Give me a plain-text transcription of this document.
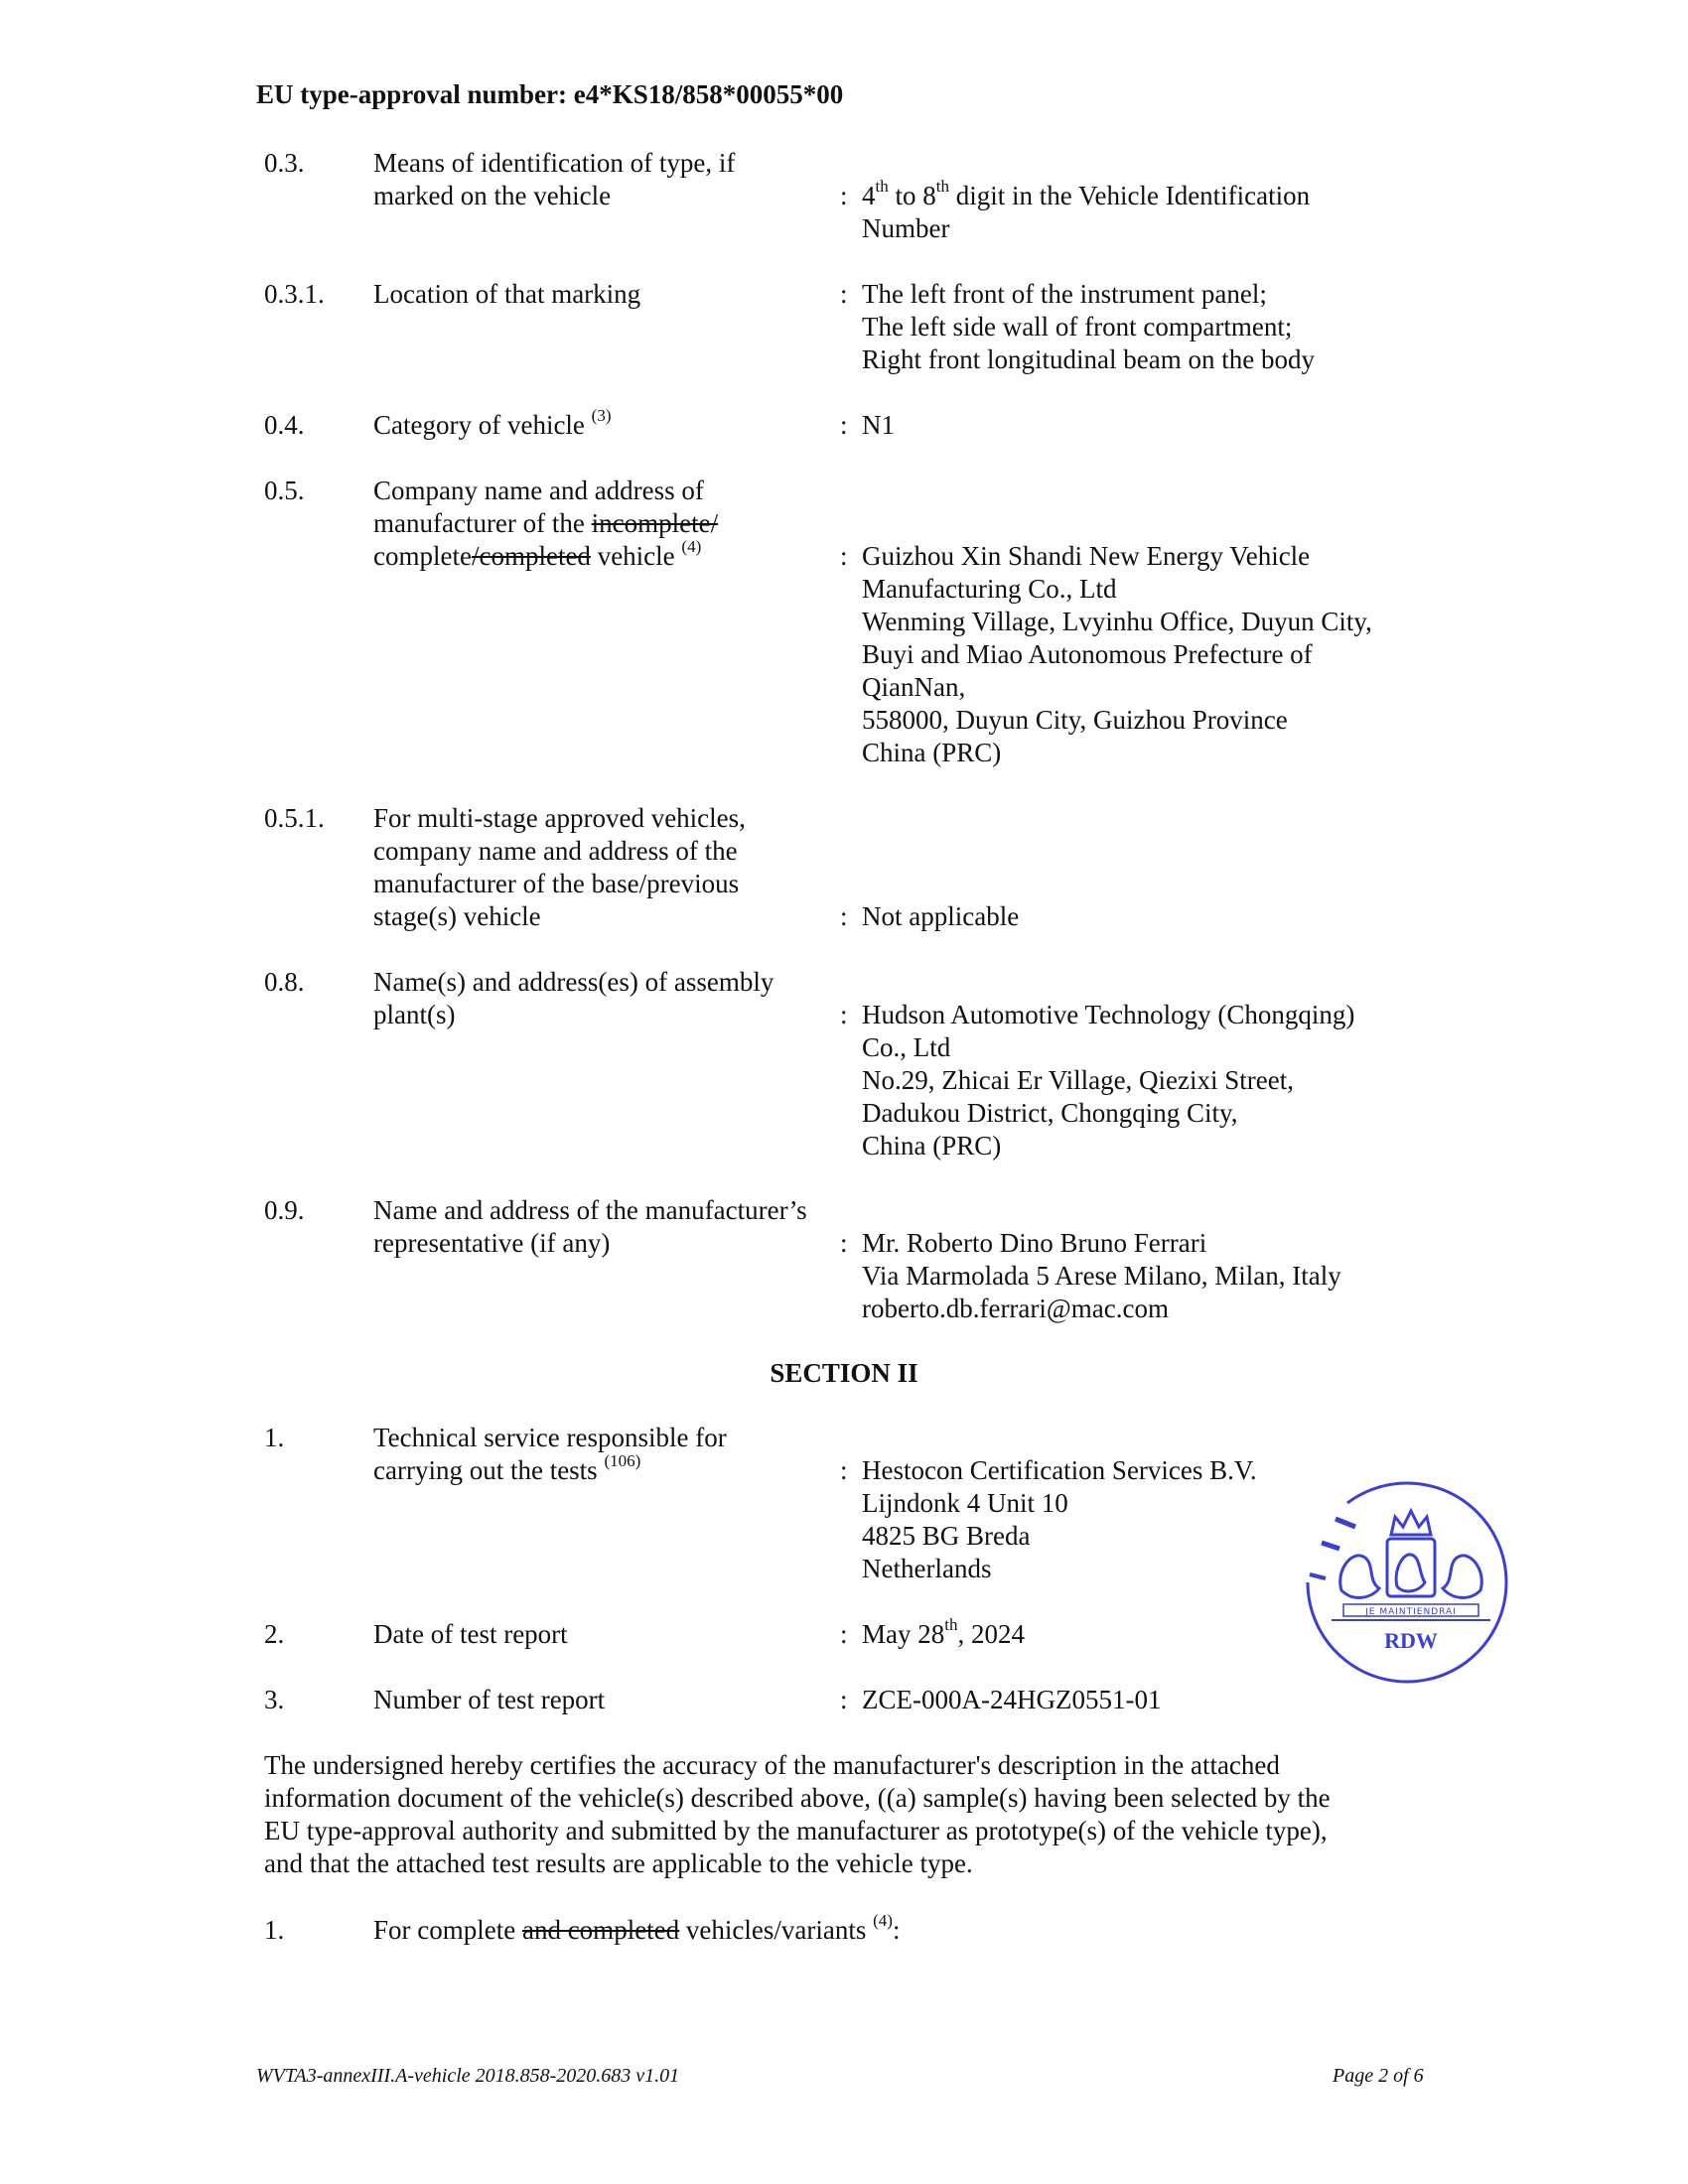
EU type-approval number: e4*KS18/858*00055*00
0.3.	Means of identification of type, if
marked on the vehicle	: 4th to 8th digit in the Vehicle Identification
Number
0.3.1. Location of that marking	: The left front of the instrument panel;
The left side wall of front compartment;
Right front longitudinal beam on the body
0.4.	Category of vehicle $^{(3)}$	: N1
0.5.	Company name and address of
manufacturer of the incomplete/
complete/completed vehicle $^{(4)}$	: Guizhou Xin Shandi New Energy Vehicle
Manufacturing Co., Ltd
Wenming Village, Lvyinhu Office, Duyun City,
Buyi and Miao Autonomous Prefecture of
QianNan,
558000, Duyun City, Guizhou Province
China (PRC)
0.5.1. For multi-stage approved vehicles,
company name and address of the
manufacturer of the base/previous
stage(s) vehicle	: Not applicable
0.8.	Name(s) and address(es) of assembly
plant(s)	: Hudson Automotive Technology (Chongqing)
Co., Ltd
No.29, Zhicai Er Village, Qiezixi Street,
Dadukou District, Chongqing City,
China (PRC)
0.9.	Name and address of the manufacturer’s
representative (if any)	: Mr. Roberto Dino Bruno Ferrari
Via Marmolada 5 Arese Milano, Milan, Italy
roberto.db.ferrari@mac.com
SECTION II
1.	Technical service responsible for
carrying out the tests $^{(106)}$	: Hestocon Certification Services B.V.
Lijndonk 4 Unit 10
4825 BG Breda
Netherlands
2.	Date of test report	: May 28th, 2024
3.	Number of test report	: ZCE-000A-24HGZ0551-01
The undersigned hereby certifies the accuracy of the manufacturer's description in the attached
information document of the vehicle(s) described above, ((a) sample(s) having been selected by the
EU type-approval authority and submitted by the manufacturer as prototype(s) of the vehicle type),
and that the attached test results are applicable to the vehicle type.
1.	For complete and completed vehicles/variants $^{(4)}$:
JE MAINTIENDRAI
RDW
WVTA3-annexIII.A-vehicle 2018.858-2020.683 v1.01	Page 2 of 6
